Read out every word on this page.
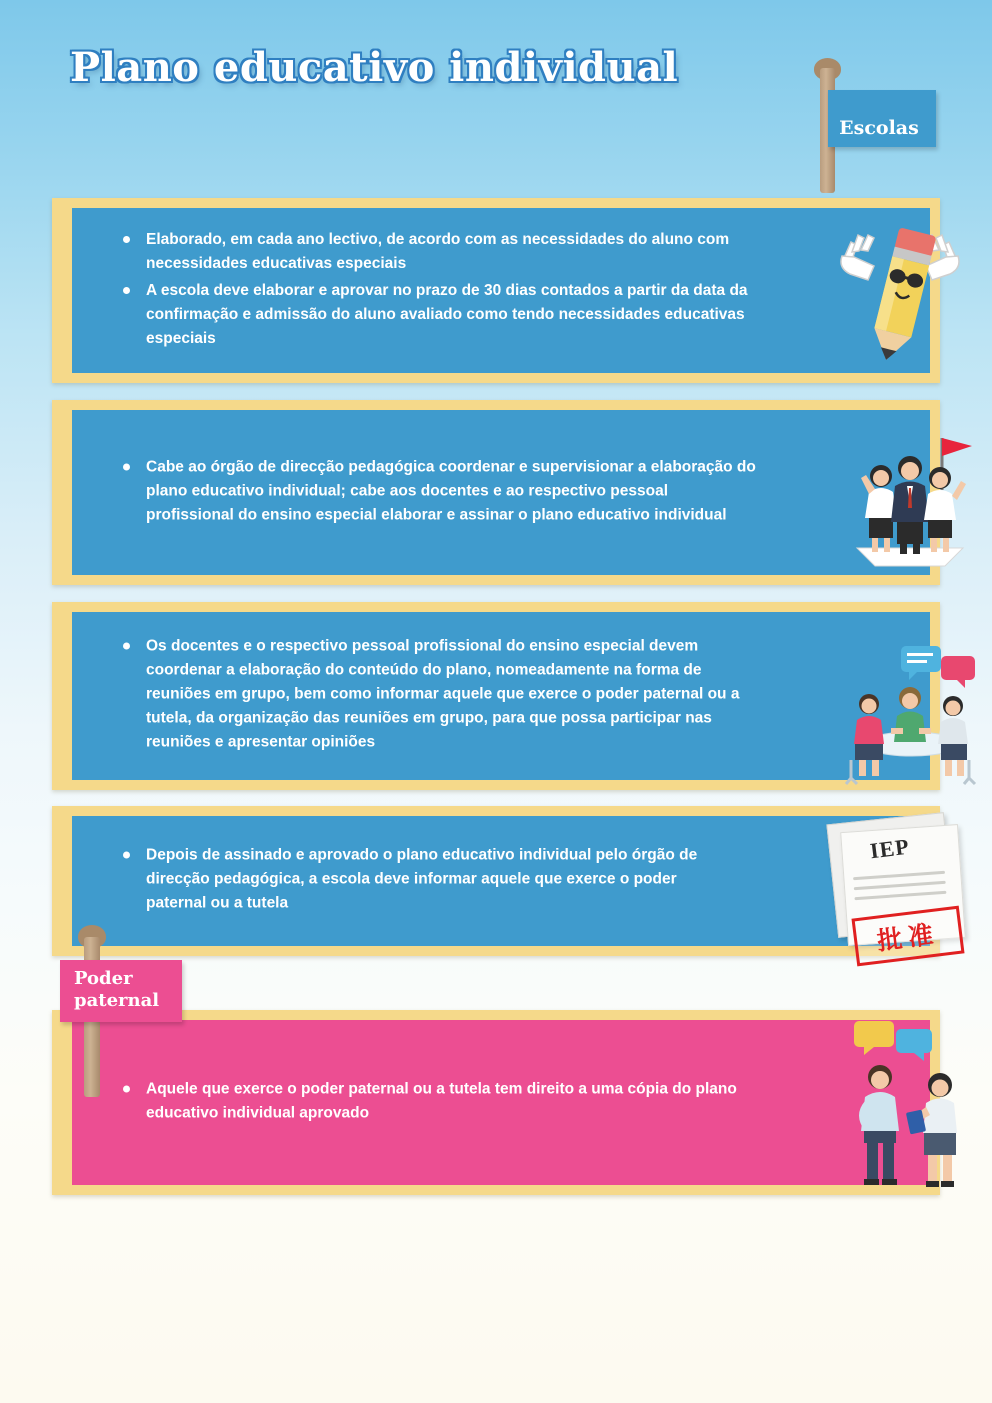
Plano educativo individual
Escolas
Elaborado, em cada ano lectivo, de acordo com as necessidades do aluno com necessidades educativas especiais
A escola deve elaborar e aprovar no prazo de 30 dias contados a partir da data da confirmação e admissão do aluno avaliado como tendo necessidades educativas especiais
Cabe ao órgão de direcção pedagógica coordenar e supervisionar a elaboração do plano educativo individual; cabe aos docentes e ao respectivo pessoal profissional do ensino especial elaborar e assinar o plano educativo individual
Os docentes e o respectivo pessoal profissional do ensino especial devem coordenar a elaboração do conteúdo do plano, nomeadamente na forma de reuniões em grupo, bem como informar aquele que exerce o poder paternal ou a tutela, da organização das reuniões em grupo, para que possa participar nas reuniões e apresentar opiniões
Depois de assinado e aprovado o plano educativo individual pelo órgão de direcção pedagógica, a escola deve informar aquele que exerce o poder paternal ou a tutela
IEP
批准
Poder
paternal
Aquele que exerce o poder paternal ou a tutela tem direito a uma cópia do plano educativo individual aprovado
